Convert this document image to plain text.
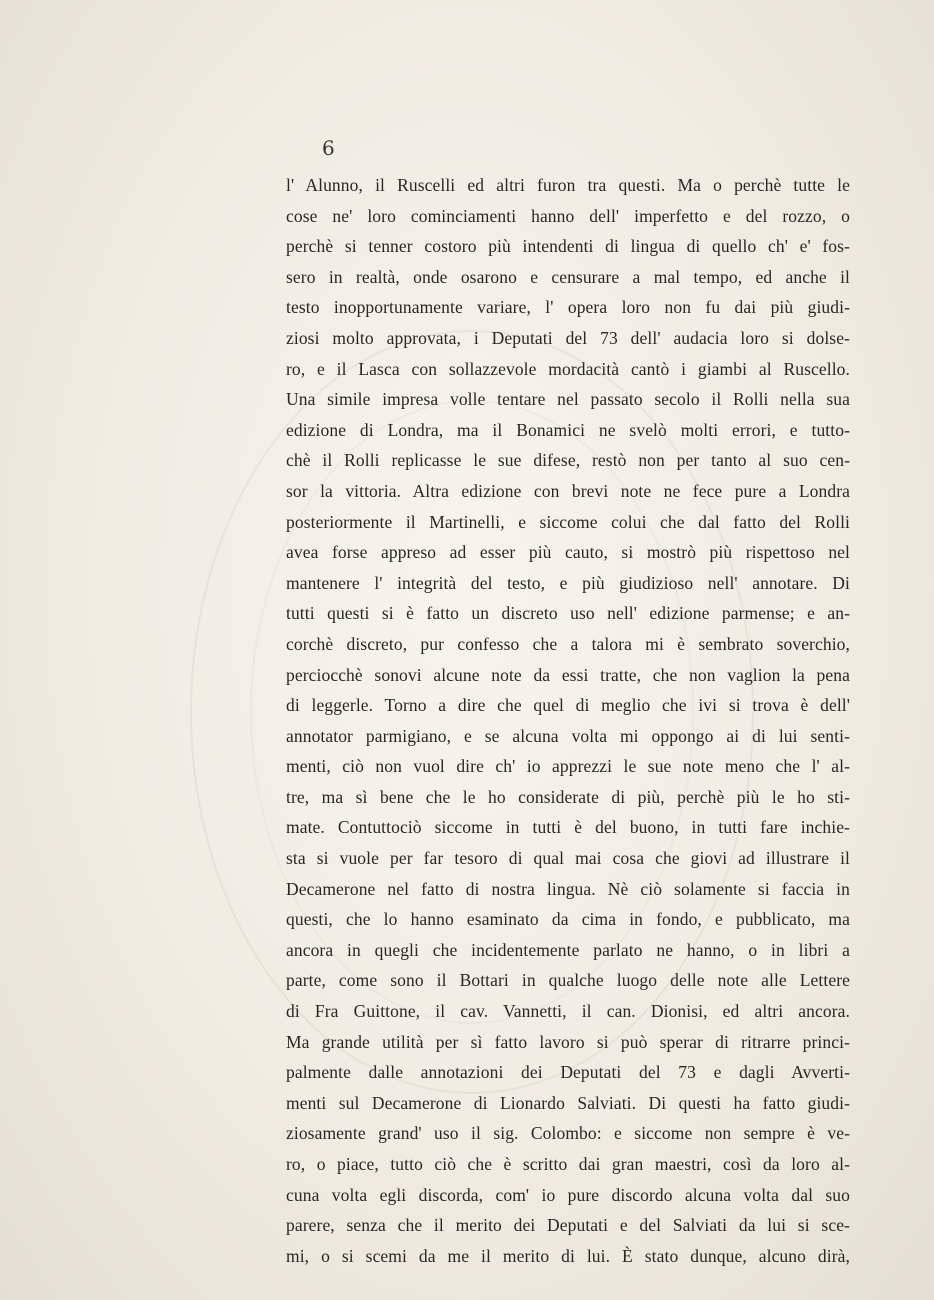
6
l' Alunno, il Ruscelli ed altri furon tra questi. Ma o perchè tutte le
cose ne' loro cominciamenti hanno dell' imperfetto e del rozzo, o
perchè si tenner costoro più intendenti di lingua di quello ch' e' fos-
sero in realtà, onde osarono e censurare a mal tempo, ed anche il
testo inopportunamente variare, l' opera loro non fu dai più giudi-
ziosi molto approvata, i Deputati del 73 dell' audacia loro si dolse-
ro, e il Lasca con sollazzevole mordacità cantò i giambi al Ruscello.
Una simile impresa volle tentare nel passato secolo il Rolli nella sua
edizione di Londra, ma il Bonamici ne svelò molti errori, e tutto-
chè il Rolli replicasse le sue difese, restò non per tanto al suo cen-
sor la vittoria. Altra edizione con brevi note ne fece pure a Londra
posteriormente il Martinelli, e siccome colui che dal fatto del Rolli
avea forse appreso ad esser più cauto, si mostrò più rispettoso nel
mantenere l' integrità del testo, e più giudizioso nell' annotare. Di
tutti questi si è fatto un discreto uso nell' edizione parmense; e an-
corchè discreto, pur confesso che a talora mi è sembrato soverchio,
perciocchè sonovi alcune note da essi tratte, che non vaglion la pena
di leggerle. Torno a dire che quel di meglio che ivi si trova è dell'
annotator parmigiano, e se alcuna volta mi oppongo ai di lui senti-
menti, ciò non vuol dire ch' io apprezzi le sue note meno che l' al-
tre, ma sì bene che le ho considerate di più, perchè più le ho sti-
mate. Contuttociò siccome in tutti è del buono, in tutti fare inchie-
sta si vuole per far tesoro di qual mai cosa che giovi ad illustrare il
Decamerone nel fatto di nostra lingua. Nè ciò solamente si faccia in
questi, che lo hanno esaminato da cima in fondo, e pubblicato, ma
ancora in quegli che incidentemente parlato ne hanno, o in libri a
parte, come sono il Bottari in qualche luogo delle note alle Lettere
di Fra Guittone, il cav. Vannetti, il can. Dionisi, ed altri ancora.
Ma grande utilità per sì fatto lavoro si può sperar di ritrarre princi-
palmente dalle annotazioni dei Deputati del 73 e dagli Avverti-
menti sul Decamerone di Lionardo Salviati. Di questi ha fatto giudi-
ziosamente grand' uso il sig. Colombo: e siccome non sempre è ve-
ro, o piace, tutto ciò che è scritto dai gran maestri, così da loro al-
cuna volta egli discorda, com' io pure discordo alcuna volta dal suo
parere, senza che il merito dei Deputati e del Salviati da lui si sce-
mi, o si scemi da me il merito di lui. È stato dunque, alcuno dirà,
